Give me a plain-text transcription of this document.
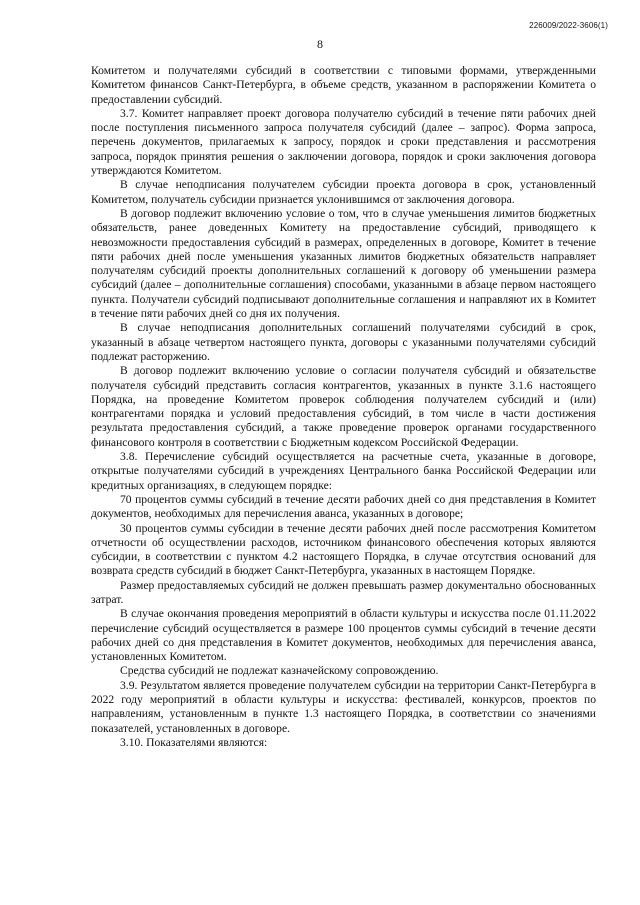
226009/2022-3606(1)
8

Комитетом и получателями субсидий в соответствии с типовыми формами, утвержденными Комитетом финансов Санкт-Петербурга, в объеме средств, указанном в распоряжении Комитета о предоставлении субсидий.

3.7. Комитет направляет проект договора получателю субсидий в течение пяти рабочих дней после поступления письменного запроса получателя субсидий (далее – запрос). Форма запроса, перечень документов, прилагаемых к запросу, порядок и сроки представления и рассмотрения запроса, порядок принятия решения о заключении договора, порядок и сроки заключения договора утверждаются Комитетом.

В случае неподписания получателем субсидии проекта договора в срок, установленный Комитетом, получатель субсидии признается уклонившимся от заключения договора.

В договор подлежит включению условие о том, что в случае уменьшения лимитов бюджетных обязательств, ранее доведенных Комитету на предоставление субсидий, приводящего к невозможности предоставления субсидий в размерах, определенных в договоре, Комитет в течение пяти рабочих дней после уменьшения указанных лимитов бюджетных обязательств направляет получателям субсидий проекты дополнительных соглашений к договору об уменьшении размера субсидий (далее – дополнительные соглашения) способами, указанными в абзаце первом настоящего пункта. Получатели субсидий подписывают дополнительные соглашения и направляют их в Комитет в течение пяти рабочих дней со дня их получения.

В случае неподписания дополнительных соглашений получателями субсидий в срок, указанный в абзаце четвертом настоящего пункта, договоры с указанными получателями субсидий подлежат расторжению.

В договор подлежит включению условие о согласии получателя субсидий и обязательстве получателя субсидий представить согласия контрагентов, указанных в пункте 3.1.6 настоящего Порядка, на проведение Комитетом проверок соблюдения получателем субсидий и (или) контрагентами порядка и условий предоставления субсидий, в том числе в части достижения результата предоставления субсидий, а также проведение проверок органами государственного финансового контроля в соответствии с Бюджетным кодексом Российской Федерации.

3.8. Перечисление субсидий осуществляется на расчетные счета, указанные в договоре, открытые получателями субсидий в учреждениях Центрального банка Российской Федерации или кредитных организациях, в следующем порядке:

70 процентов суммы субсидий в течение десяти рабочих дней со дня представления в Комитет документов, необходимых для перечисления аванса, указанных в договоре;

30 процентов суммы субсидии в течение десяти рабочих дней после рассмотрения Комитетом отчетности об осуществлении расходов, источником финансового обеспечения которых являются субсидии, в соответствии с пунктом 4.2 настоящего Порядка, в случае отсутствия оснований для возврата средств субсидий в бюджет Санкт-Петербурга, указанных в настоящем Порядке.

Размер предоставляемых субсидий не должен превышать размер документально обоснованных затрат.

В случае окончания проведения мероприятий в области культуры и искусства после 01.11.2022 перечисление субсидий осуществляется в размере 100 процентов суммы субсидий в течение десяти рабочих дней со дня представления в Комитет документов, необходимых для перечисления аванса, установленных Комитетом.

Средства субсидий не подлежат казначейскому сопровождению.

3.9. Результатом является проведение получателем субсидии на территории Санкт-Петербурга в 2022 году мероприятий в области культуры и искусства: фестивалей, конкурсов, проектов по направлениям, установленным в пункте 1.3 настоящего Порядка, в соответствии со значениями показателей, установленных в договоре.

3.10. Показателями являются:
